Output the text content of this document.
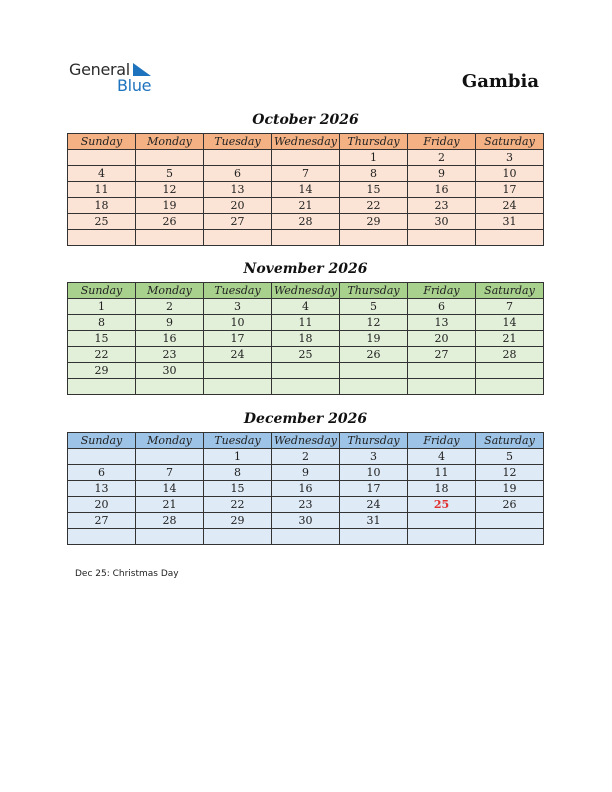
General
Blue	Gambia
October 2026
Sunday	Monday	Tuesday	Wednesday	Thursday	Friday	Saturday
				1	2	3
4	5	6	7	8	9	10
11	12	13	14	15	16	17
18	19	20	21	22	23	24
25	26	27	28	29	30	31

November 2026
Sunday	Monday	Tuesday	Wednesday	Thursday	Friday	Saturday
1	2	3	4	5	6	7
8	9	10	11	12	13	14
15	16	17	18	19	20	21
22	23	24	25	26	27	28
29	30					

December 2026
Sunday	Monday	Tuesday	Wednesday	Thursday	Friday	Saturday
		1	2	3	4	5
6	7	8	9	10	11	12
13	14	15	16	17	18	19
20	21	22	23	24	25	26
27	28	29	30	31		

Dec 25: Christmas Day
